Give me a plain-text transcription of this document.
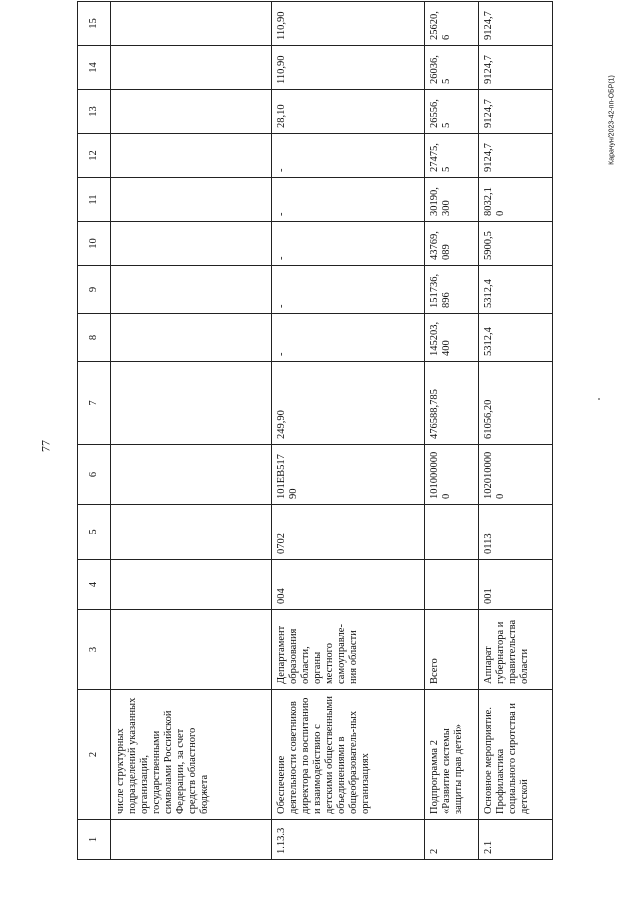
77
Карачун/2023-42-пп-OБР(1)
1	2	3	4	5	6	7	8	9	10	11	12	13	14	15
	числе структурных подразделений указанных организаций, государственными символами Российской Федерации, за счет средств областного бюджета													
1.13.3	Обеспечение деятельности советников директора по воспитанию и взаимодействию с детскими общественными объединениями в общеобразователь-ных организациях	Департамент образования области, органы местного самоуправле-ния области	004	0702	101ЕВ51790	249,90	-	-	-	-	-	28,10	110,90	110,90
2	Подпрограмма 2 «Развитие системы защиты прав детей»	Всего			1010000000	476588,785	145203,400	151736,896	43769,089	30190,300	27475,5	26556,5	26036,5	25620,6
2.1	Основное мероприятие. Профилактика социального сиротства и детской	Аппарат губернатора и правительства области	001	0113	1020100000	61056,20	5312,4	5312,4	5900,5	8032,10	9124,7	9124,7	9124,7	9124,7
